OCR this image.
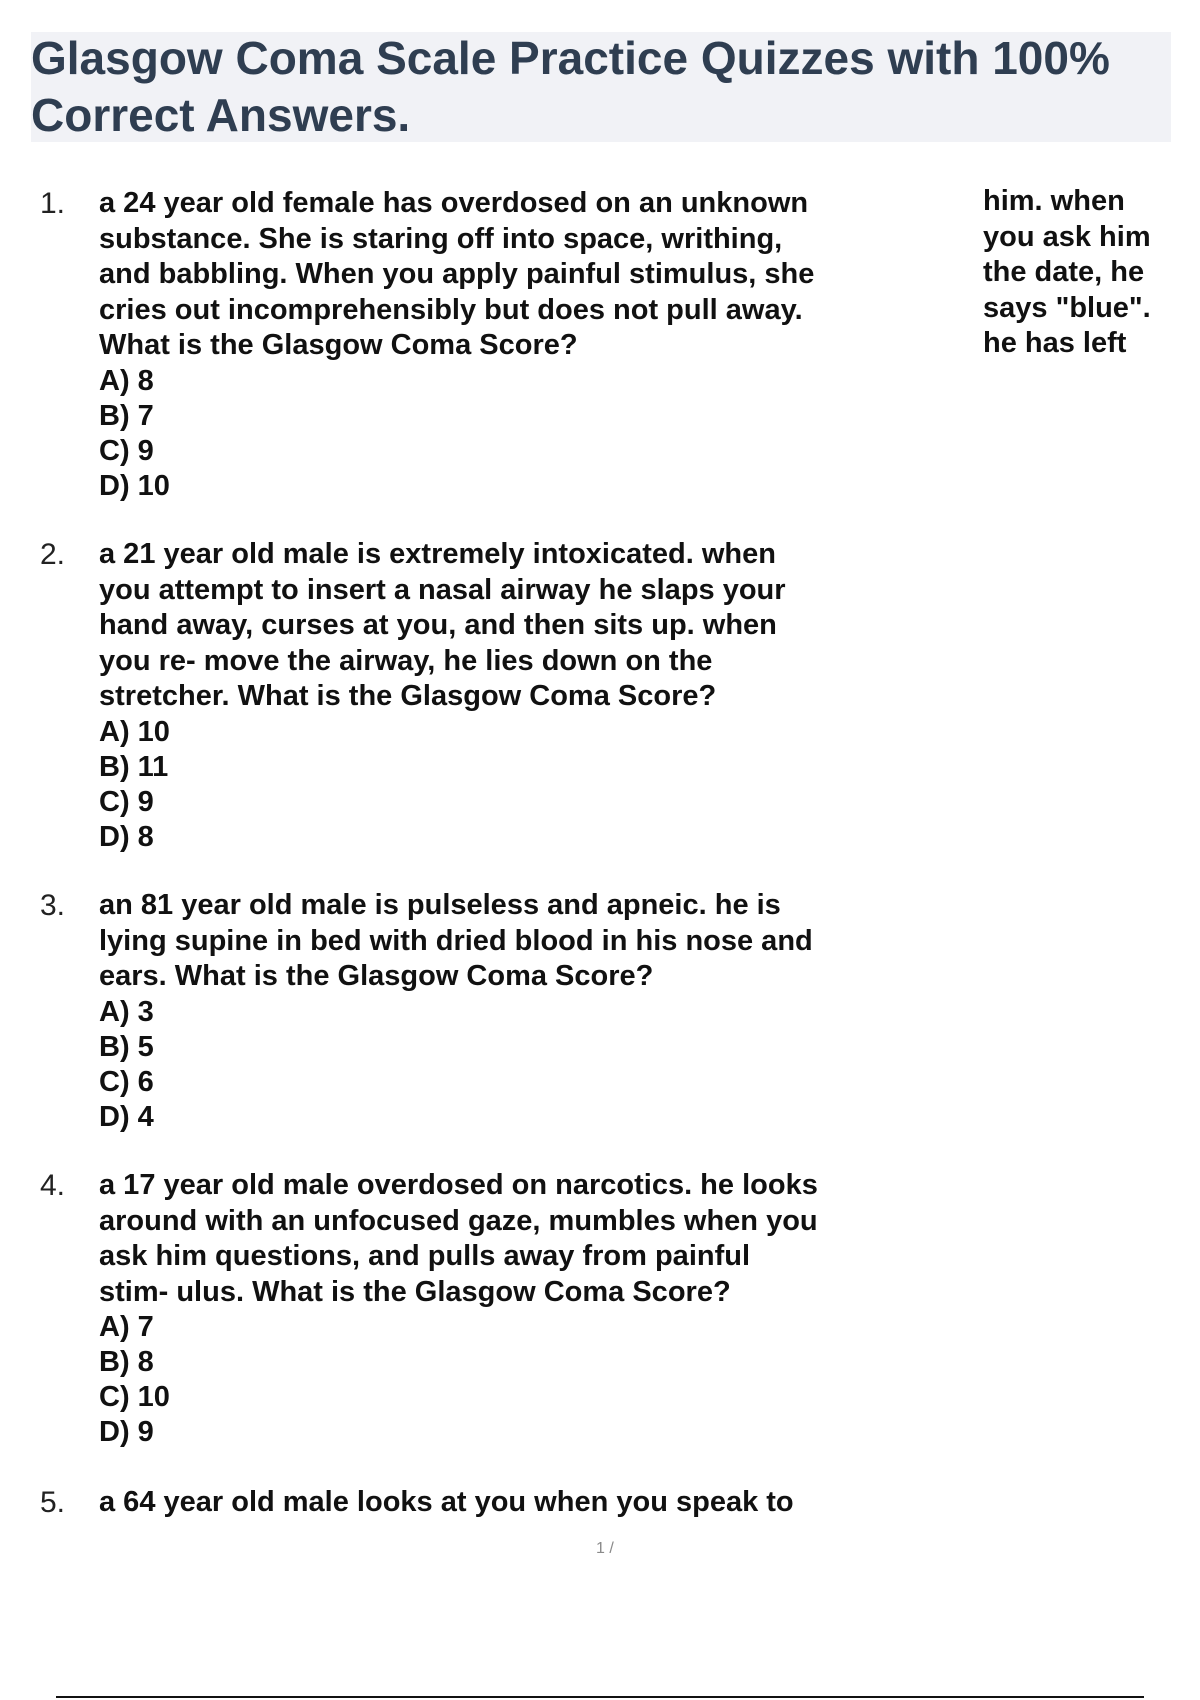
Glasgow Coma Scale Practice Quizzes with 100% Correct Answers.
1. a 24 year old female has overdosed on an unknown
substance. She is staring off into space, writhing,
and babbling. When you apply painful stimulus, she
cries out incomprehensibly but does not pull away.
What is the Glasgow Coma Score?

A) 8
B) 7
C) 9
D) 10
2. a 21 year old male is extremely intoxicated. when
you attempt to insert a nasal airway he slaps your
hand away, curses at you, and then sits up. when
you re- move the airway, he lies down on the
stretcher. What is the Glasgow Coma Score?

A) 10
B) 11
C) 9
D) 8
3. an 81 year old male is pulseless and apneic. he is
lying supine in bed with dried blood in his nose and
ears. What is the Glasgow Coma Score?

A) 3
B) 5
C) 6
D) 4
4. a 17 year old male overdosed on narcotics. he looks
around with an unfocused gaze, mumbles when you
ask him questions, and pulls away from painful
stim- ulus. What is the Glasgow Coma Score?

A) 7
B) 8
C) 10
D) 9
5. a 64 year old male looks at you when you speak to

him. when
you ask him
the date, he
says "blue".
he has left

1 /
